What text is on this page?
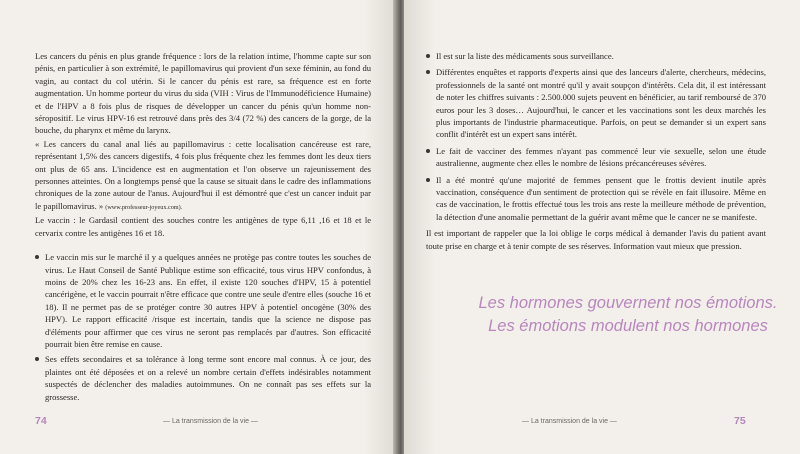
Les cancers du pénis en plus grande fréquence : lors de la relation intime, l'homme capte sur son pénis, en particulier à son extrémité, le papillomavirus qui provient d'un sexe féminin, au fond du vagin, au contact du col utérin. Si le cancer du pénis est rare, sa fréquence est en forte augmentation. Un homme porteur du virus du sida (VIH : Virus de l'Immunodéficience Humaine) et de l'HPV a 8 fois plus de risques de développer un cancer du pénis qu'un homme non-séropositif. Le virus HPV-16 est retrouvé dans près des 3/4 (72 %) des cancers de la gorge, de la bouche, du pharynx et même du larynx.

« Les cancers du canal anal liés au papillomavirus : cette localisation cancéreuse est rare, représentant 1,5% des cancers digestifs, 4 fois plus fréquente chez les femmes dont les deux tiers ont plus de 65 ans. L'incidence est en augmentation et l'on observe un rajeunissement des personnes atteintes. On a longtemps pensé que la cause se situait dans le cadre des inflammations chroniques de la zone autour de l'anus. Aujourd'hui il est démontré que c'est un cancer induit par le papillomavirus. » (www.professeur-joyeux.com).

Le vaccin : le Gardasil contient des souches contre les antigènes de type 6,11 ,16 et 18 et le cervarix contre les antigènes 16 et 18.

Le vaccin mis sur le marché il y a quelques années ne protège pas contre toutes les souches de virus. Le Haut Conseil de Santé Publique estime son efficacité, tous virus HPV confondus, à moins de 20% chez les 16-23 ans. En effet, il existe 120 souches d'HPV, 15 à potentiel cancérigène, et le vaccin pourrait n'être efficace que contre une seule d'entre elles (souche 16 et 18). Il ne permet pas de se protéger contre 30 autres HPV à potentiel oncogène (30% des HPV). Le rapport efficacité /risque est incertain, tandis que la science ne dispose pas d'éléments pour affirmer que ces virus ne seront pas remplacés par d'autres. Son efficacité pourrait bien être remise en cause.
Ses effets secondaires et sa tolérance à long terme sont encore mal connus. À ce jour, des plaintes ont été déposées et on a relevé un nombre certain d'effets indésirables notamment suspectés de déclencher des maladies autoimmunes. On ne connaît pas ses effets sur la grossesse.
74	— La transmission de la vie —
Il est sur la liste des médicaments sous surveillance.
Différentes enquêtes et rapports d'experts ainsi que des lanceurs d'alerte, chercheurs, médecins, professionnels de la santé ont montré qu'il y avait soupçon d'intérêts. Cela dit, il est intéressant de noter les chiffres suivants : 2.500.000 sujets peuvent en bénéficier, au tarif remboursé de 370 euros pour les 3 doses… Aujourd'hui, le cancer et les vaccinations sont les deux marchés les plus importants de l'industrie pharmaceutique. Parfois, on peut se demander si un expert sans conflit d'intérêt est un expert sans intérêt.
Le fait de vacciner des femmes n'ayant pas commencé leur vie sexuelle, selon une étude australienne, augmente chez elles le nombre de lésions précancéreuses sévères.
Il a été montré qu'une majorité de femmes pensent que le frottis devient inutile après vaccination, conséquence d'un sentiment de protection qui se révèle en fait illusoire. Même en cas de vaccination, le frottis effectué tous les trois ans reste la meilleure méthode de prévention, la détection d'une anomalie permettant de la guérir avant même que le cancer ne se manifeste.

Il est important de rappeler que la loi oblige le corps médical à demander l'avis du patient avant toute prise en charge et à tenir compte de ses réserves. Information vaut mieux que pression.

Les hormones gouvernent nos émotions.
Les émotions modulent nos hormones
— La transmission de la vie —	75
